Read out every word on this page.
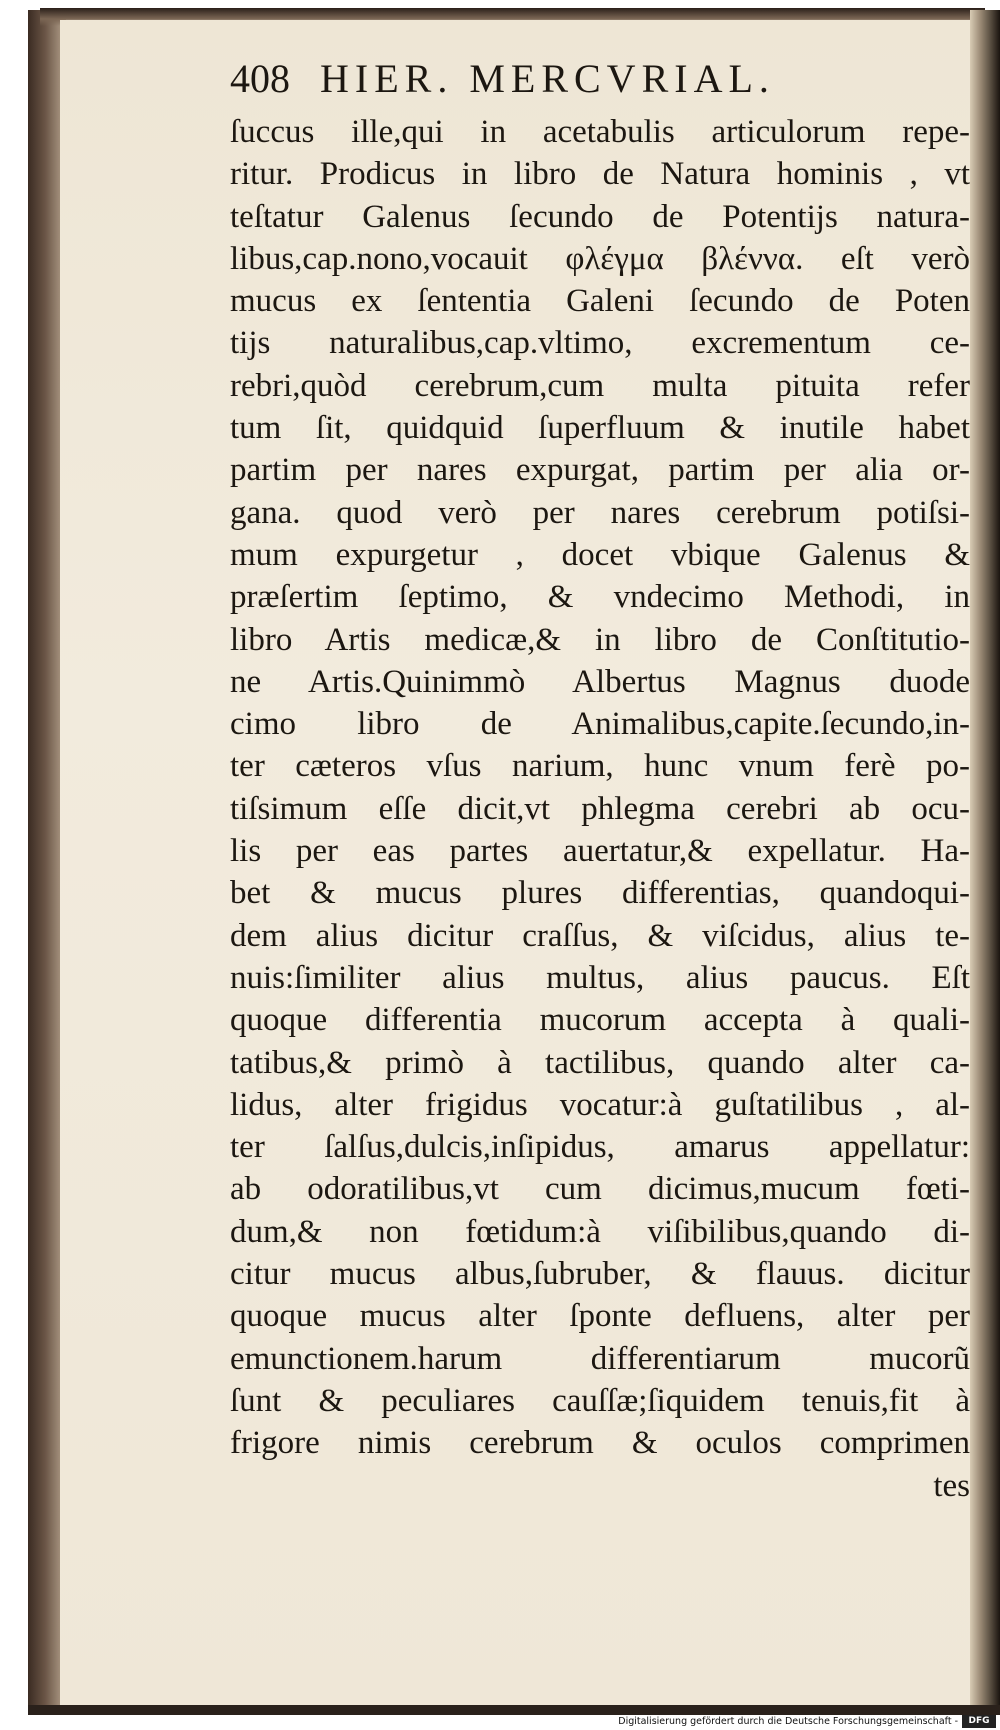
408 HIER. MERCVRIAL.
ſuccus ille,qui in acetabulis articulorum repe-
ritur. Prodicus in libro de Natura hominis , vt
teſtatur Galenus ſecundo de Potentijs natura-
libus,cap.nono,vocauit φλέγμα βλέννα. eſt verò
mucus ex ſententia Galeni ſecundo de Poten
tijs naturalibus,cap.vltimo, excrementum ce-
rebri,quòd cerebrum,cum multa pituita refer
tum ſit, quidquid ſuperfluum & inutile habet
partim per nares expurgat, partim per alia or-
gana. quod verò per nares cerebrum potiſsi-
mum expurgetur , docet vbique Galenus &
præſertim ſeptimo, & vndecimo Methodi, in
libro Artis medicæ,& in libro de Conſtitutio-
ne Artis.Quinimmò Albertus Magnus duode
cimo libro de Animalibus,capite.ſecundo,in-
ter cæteros vſus narium, hunc vnum ferè po-
tiſsimum eſſe dicit,vt phlegma cerebri ab ocu-
lis per eas partes auertatur,& expellatur. Ha-
bet & mucus plures differentias, quandoqui-
dem alius dicitur craſſus, & viſcidus, alius te-
nuis:ſimiliter alius multus, alius paucus. Eſt
quoque differentia mucorum accepta à quali-
tatibus,& primò à tactilibus, quando alter ca-
lidus, alter frigidus vocatur:à guſtatilibus , al-
ter ſalſus,dulcis,inſipidus, amarus appellatur:
ab odoratilibus,vt cum dicimus,mucum fœti-
dum,& non fœtidum:à viſibilibus,quando di-
citur mucus albus,ſubruber, & flauus. dicitur
quoque mucus alter ſponte defluens, alter per
emunctionem.harum differentiarum mucorũ
ſunt & peculiares cauſſæ;ſiquidem tenuis,fit à
frigore nimis cerebrum & oculos comprimen
tes
Digitalisierung gefördert durch die Deutsche Forschungsgemeinschaft -	DFG
